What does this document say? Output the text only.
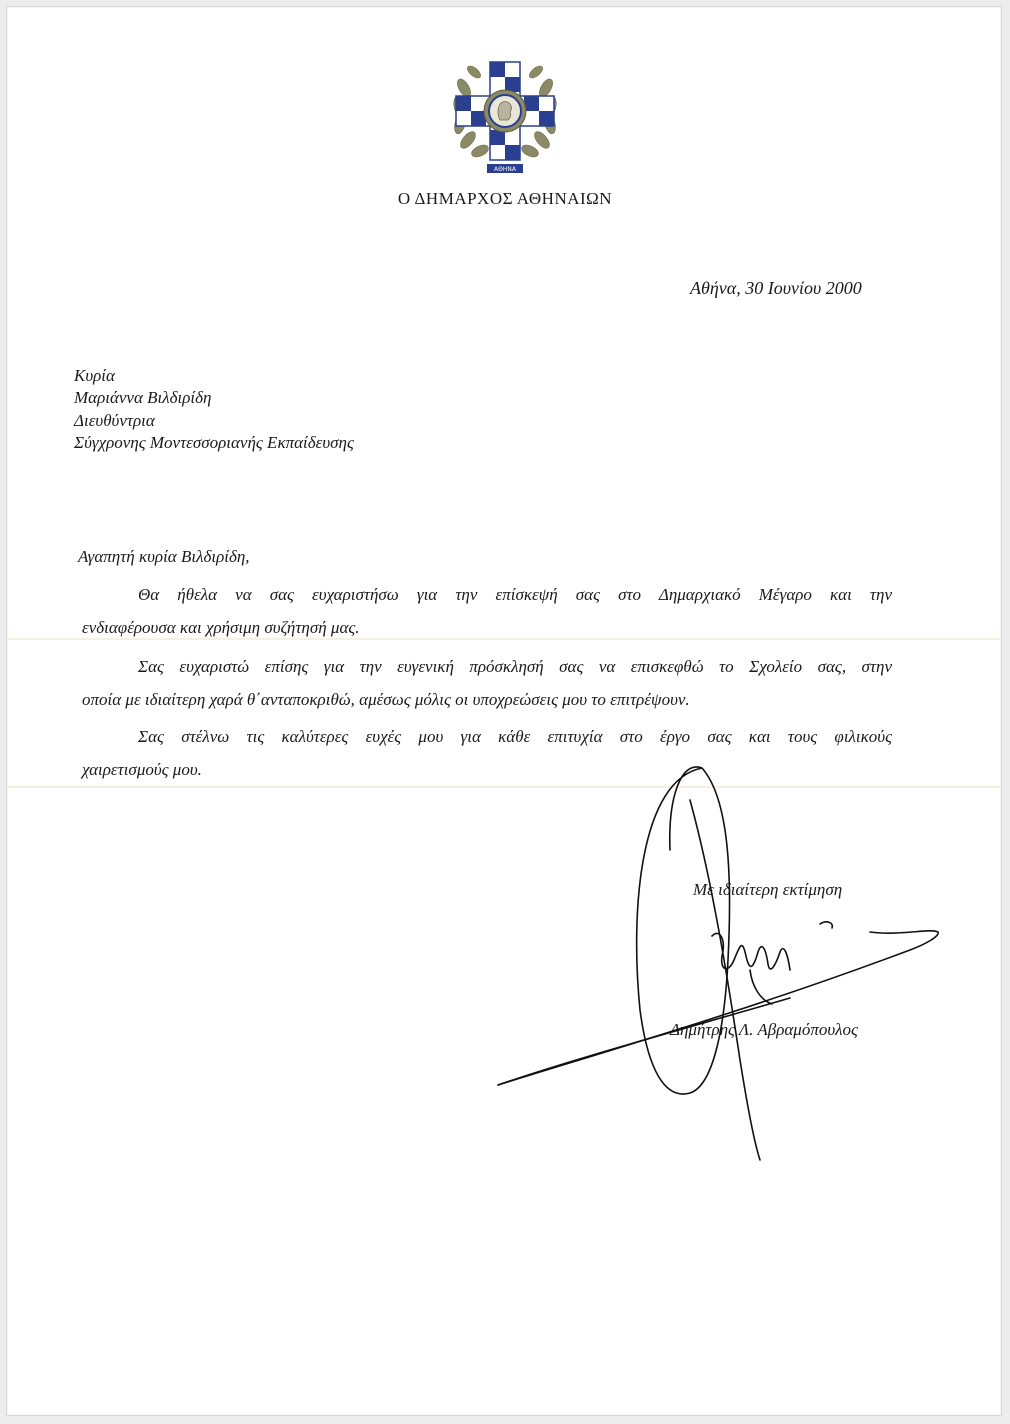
ΑΘΗΝΑ
Ο ΔΗΜΑΡΧΟΣ ΑΘΗΝΑΙΩΝ
Αθήνα, 30 Ιουνίου 2000
Κυρία
Μαριάννα Βιλδιρίδη
Διευθύντρια
Σύγχρονης Μοντεσσοριανής Εκπαίδευσης
Αγαπητή κυρία Βιλδιρίδη,
Θα ήθελα να σας ευχαριστήσω για την επίσκεψή σας στο Δημαρχιακό Μέγαρο και την
ενδιαφέρουσα και χρήσιμη συζήτησή μας.
Σας ευχαριστώ επίσης για την ευγενική πρόσκλησή σας να επισκεφθώ το Σχολείο σας, στην
οποία με ιδιαίτερη χαρά θ΄ανταποκριθώ, αμέσως μόλις οι υποχρεώσεις μου το επιτρέψουν.
Σας στέλνω τις καλύτερες ευχές μου για κάθε επιτυχία στο έργο σας και τους φιλικούς
χαιρετισμούς μου.
Με ιδιαίτερη εκτίμηση
Δημήτρης Λ. Αβραμόπουλος
